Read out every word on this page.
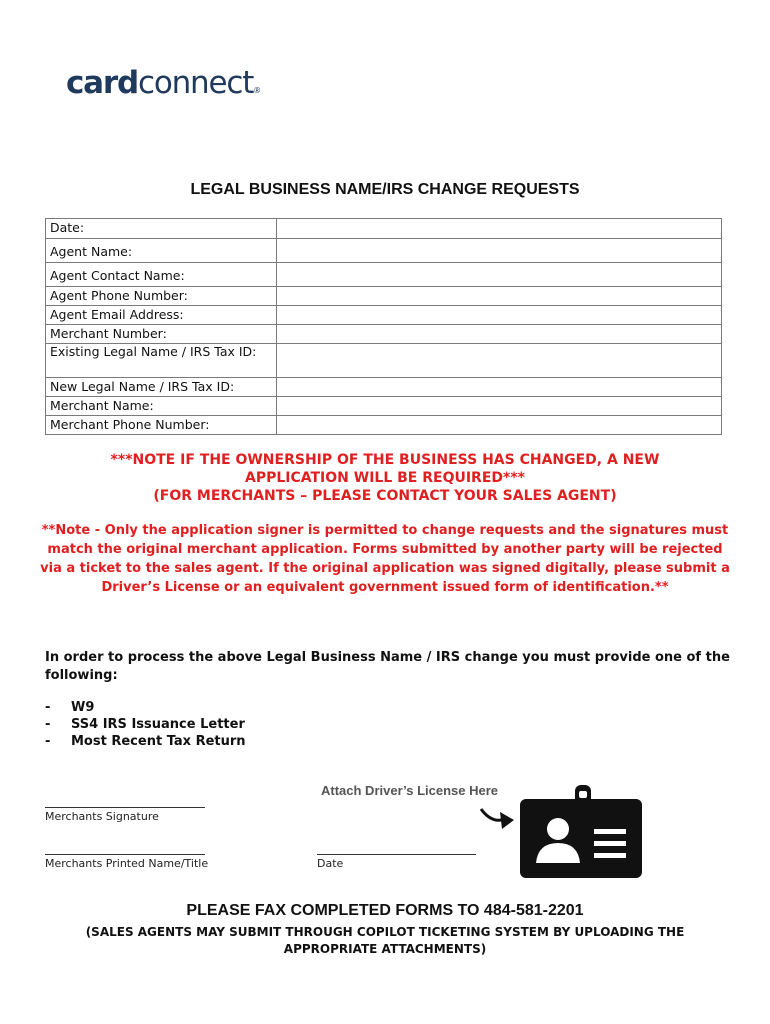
cardconnect®
LEGAL BUSINESS NAME/IRS CHANGE REQUESTS
Date:	
Agent Name:	
Agent Contact Name:	
Agent Phone Number:	
Agent Email Address:	
Merchant Number:	
Existing Legal Name / IRS Tax ID:	
New Legal Name / IRS Tax ID:	
Merchant Name:	
Merchant Phone Number:	
***NOTE IF THE OWNERSHIP OF THE BUSINESS HAS CHANGED, A NEW
APPLICATION WILL BE REQUIRED***
(FOR MERCHANTS – PLEASE CONTACT YOUR SALES AGENT)
**Note - Only the application signer is permitted to change requests and the signatures must match the original merchant application. Forms submitted by another party will be rejected via a ticket to the sales agent. If the original application was signed digitally, please submit a Driver’s License or an equivalent government issued form of identification.**
In order to process the above Legal Business Name / IRS change you must provide one of the following:
-	W9
-	SS4 IRS Issuance Letter
-	Most Recent Tax Return
Attach Driver’s License Here
Merchants Signature
Merchants Printed Name/Title	Date
PLEASE FAX COMPLETED FORMS TO 484-581-2201
(SALES AGENTS MAY SUBMIT THROUGH COPILOT TICKETING SYSTEM BY UPLOADING THE APPROPRIATE ATTACHMENTS)
